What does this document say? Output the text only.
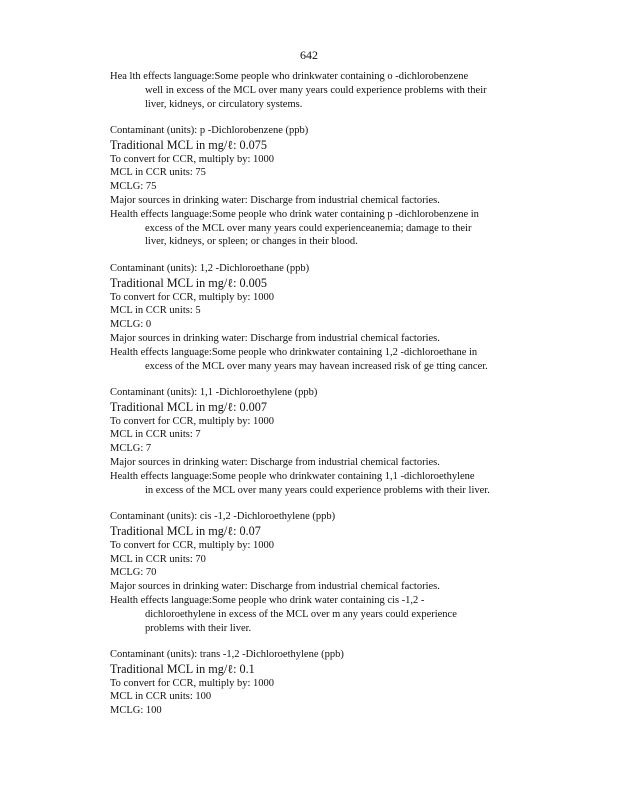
642
Hea lth effects language:Some people who drinkwater containing o -dichlorobenzene
well in excess of the MCL over many years could experience problems with their
liver, kidneys, or circulatory systems.
Contaminant (units): p -Dichlorobenzene (ppb)
Traditional MCL in mg/ℓ: 0.075
To convert for CCR, multiply by: 1000
MCL in CCR units: 75
MCLG: 75
Major sources in drinking water: Discharge from industrial chemical factories.
Health effects language:Some people who drink water containing p -dichlorobenzene in
excess of the MCL over many years could experienceanemia; damage to their
liver, kidneys, or spleen; or changes in their blood.
Contaminant (units): 1,2 -Dichloroethane (ppb)
Traditional MCL in mg/ℓ: 0.005
To convert for CCR, multiply by: 1000
MCL in CCR units: 5
MCLG: 0
Major sources in drinking water: Discharge from industrial chemical factories.
Health effects language:Some people who drinkwater containing 1,2 -dichloroethane in
excess of the MCL over many years may havean increased risk of ge tting cancer.
Contaminant (units): 1,1 -Dichloroethylene (ppb)
Traditional MCL in mg/ℓ: 0.007
To convert for CCR, multiply by: 1000
MCL in CCR units: 7
MCLG: 7
Major sources in drinking water: Discharge from industrial chemical factories.
Health effects language:Some people who drinkwater containing 1,1 -dichloroethylene
in excess of the MCL over many years could experience problems with their liver.
Contaminant (units): cis -1,2 -Dichloroethylene (ppb)
Traditional MCL in mg/ℓ: 0.07
To convert for CCR, multiply by: 1000
MCL in CCR units: 70
MCLG: 70
Major sources in drinking water: Discharge from industrial chemical factories.
Health effects language:Some people who drink water containing cis -1,2 -
dichloroethylene in excess of the MCL over m any years could experience
problems with their liver.
Contaminant (units): trans -1,2 -Dichloroethylene (ppb)
Traditional MCL in mg/ℓ: 0.1
To convert for CCR, multiply by: 1000
MCL in CCR units: 100
MCLG: 100
